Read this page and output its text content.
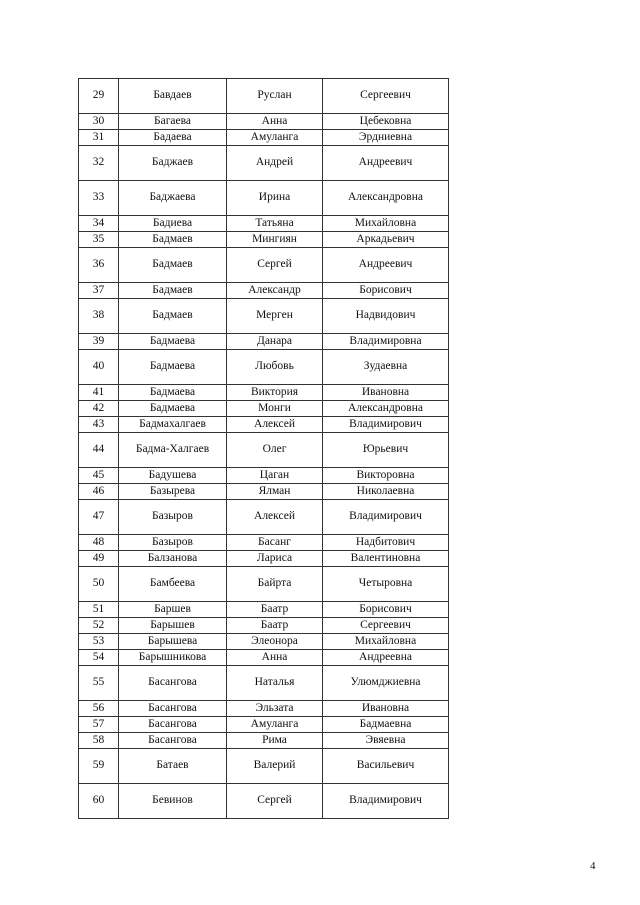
29	Бавдаев	Руслан	Сергеевич
30	Багаева	Анна	Цебековна
31	Бадаева	Амуланга	Эрдниевна
32	Баджаев	Андрей	Андреевич
33	Баджаева	Ирина	Александровна
34	Бадиева	Татьяна	Михайловна
35	Бадмаев	Мингиян	Аркадьевич
36	Бадмаев	Сергей	Андреевич
37	Бадмаев	Александр	Борисович
38	Бадмаев	Мерген	Надвидович
39	Бадмаева	Данара	Владимировна
40	Бадмаева	Любовь	Зудаевна
41	Бадмаева	Виктория	Ивановна
42	Бадмаева	Монги	Александровна
43	Бадмахалгаев	Алексей	Владимирович
44	Бадма-Халгаев	Олег	Юрьевич
45	Бадушева	Цаган	Викторовна
46	Базырева	Ялман	Николаевна
47	Базыров	Алексей	Владимирович
48	Базыров	Басанг	Надбитович
49	Балзанова	Лариса	Валентиновна
50	Бамбеева	Байрта	Четыровна
51	Баршев	Баатр	Борисович
52	Барышев	Баатр	Сергеевич
53	Барышева	Элеонора	Михайловна
54	Барышникова	Анна	Андреевна
55	Басангова	Наталья	Улюмджиевна
56	Басангова	Эльзата	Ивановна
57	Басангова	Амуланга	Бадмаевна
58	Басангова	Рима	Эвяевна
59	Батаев	Валерий	Васильевич
60	Бевинов	Сергей	Владимирович
4
